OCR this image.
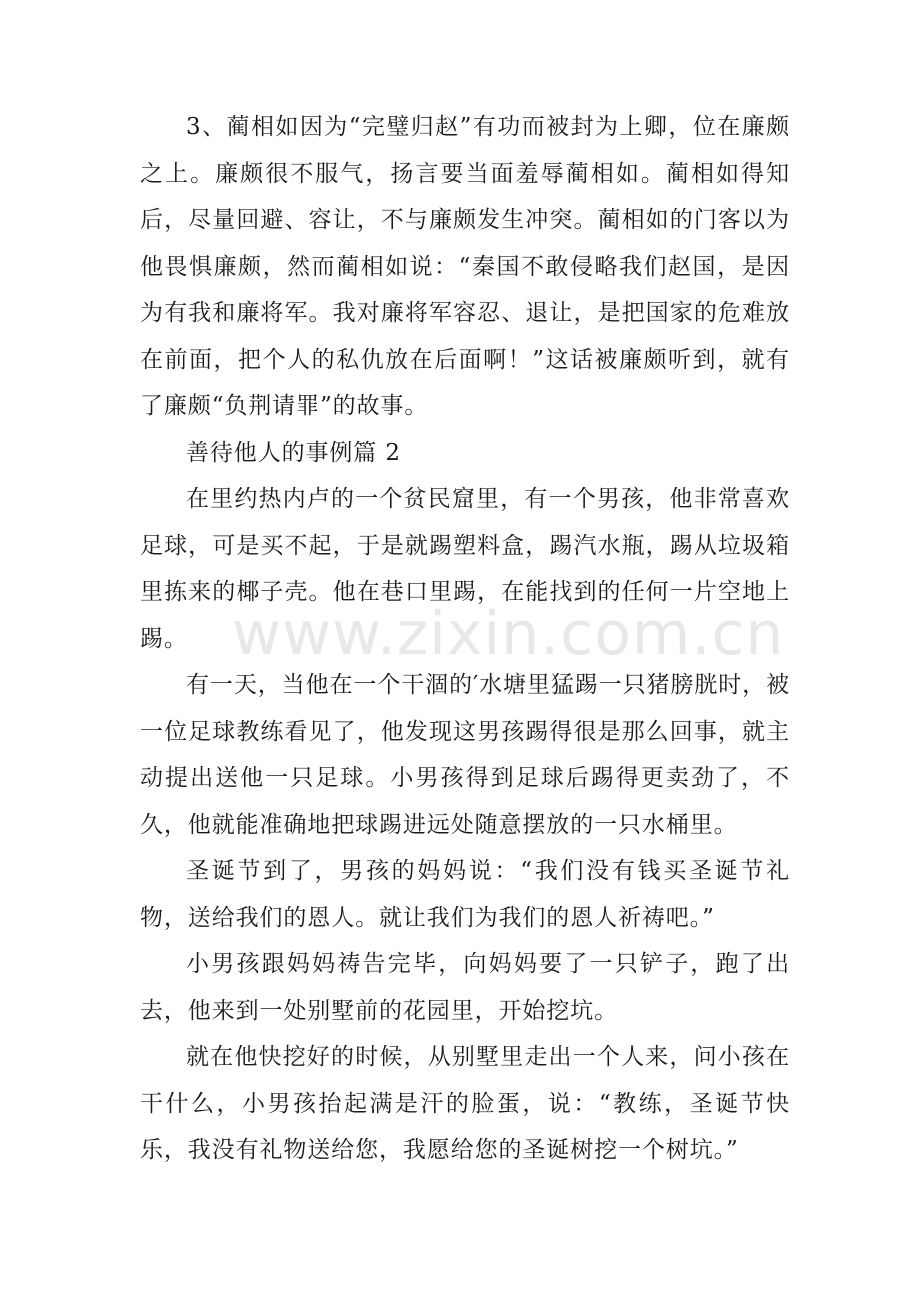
3、蔺相如因为“完璧归赵”有功而被封为上卿，位在廉颇之上。廉颇很不服气，扬言要当面羞辱蔺相如。蔺相如得知后，尽量回避、容让，不与廉颇发生冲突。蔺相如的门客以为他畏惧廉颇，然而蔺相如说：“秦国不敢侵略我们赵国，是因为有我和廉将军。我对廉将军容忍、退让，是把国家的危难放在前面，把个人的私仇放在后面啊！”这话被廉颇听到，就有了廉颇“负荆请罪”的故事。

善待他人的事例篇 2

在里约热内卢的一个贫民窟里，有一个男孩，他非常喜欢足球，可是买不起，于是就踢塑料盒，踢汽水瓶，踢从垃圾箱里拣来的椰子壳。他在巷口里踢，在能找到的任何一片空地上踢。

有一天，当他在一个干涸的′水塘里猛踢一只猪膀胱时，被一位足球教练看见了，他发现这男孩踢得很是那么回事，就主动提出送他一只足球。小男孩得到足球后踢得更卖劲了，不久，他就能准确地把球踢进远处随意摆放的一只水桶里。

圣诞节到了，男孩的妈妈说：“我们没有钱买圣诞节礼物，送给我们的恩人。就让我们为我们的恩人祈祷吧。”

小男孩跟妈妈祷告完毕，向妈妈要了一只铲子，跑了出去，他来到一处别墅前的花园里，开始挖坑。

就在他快挖好的时候，从别墅里走出一个人来，问小孩在干什么，小男孩抬起满是汗的脸蛋，说：“教练，圣诞节快乐，我没有礼物送给您，我愿给您的圣诞树挖一个树坑。”

www.zixin.com.cn
